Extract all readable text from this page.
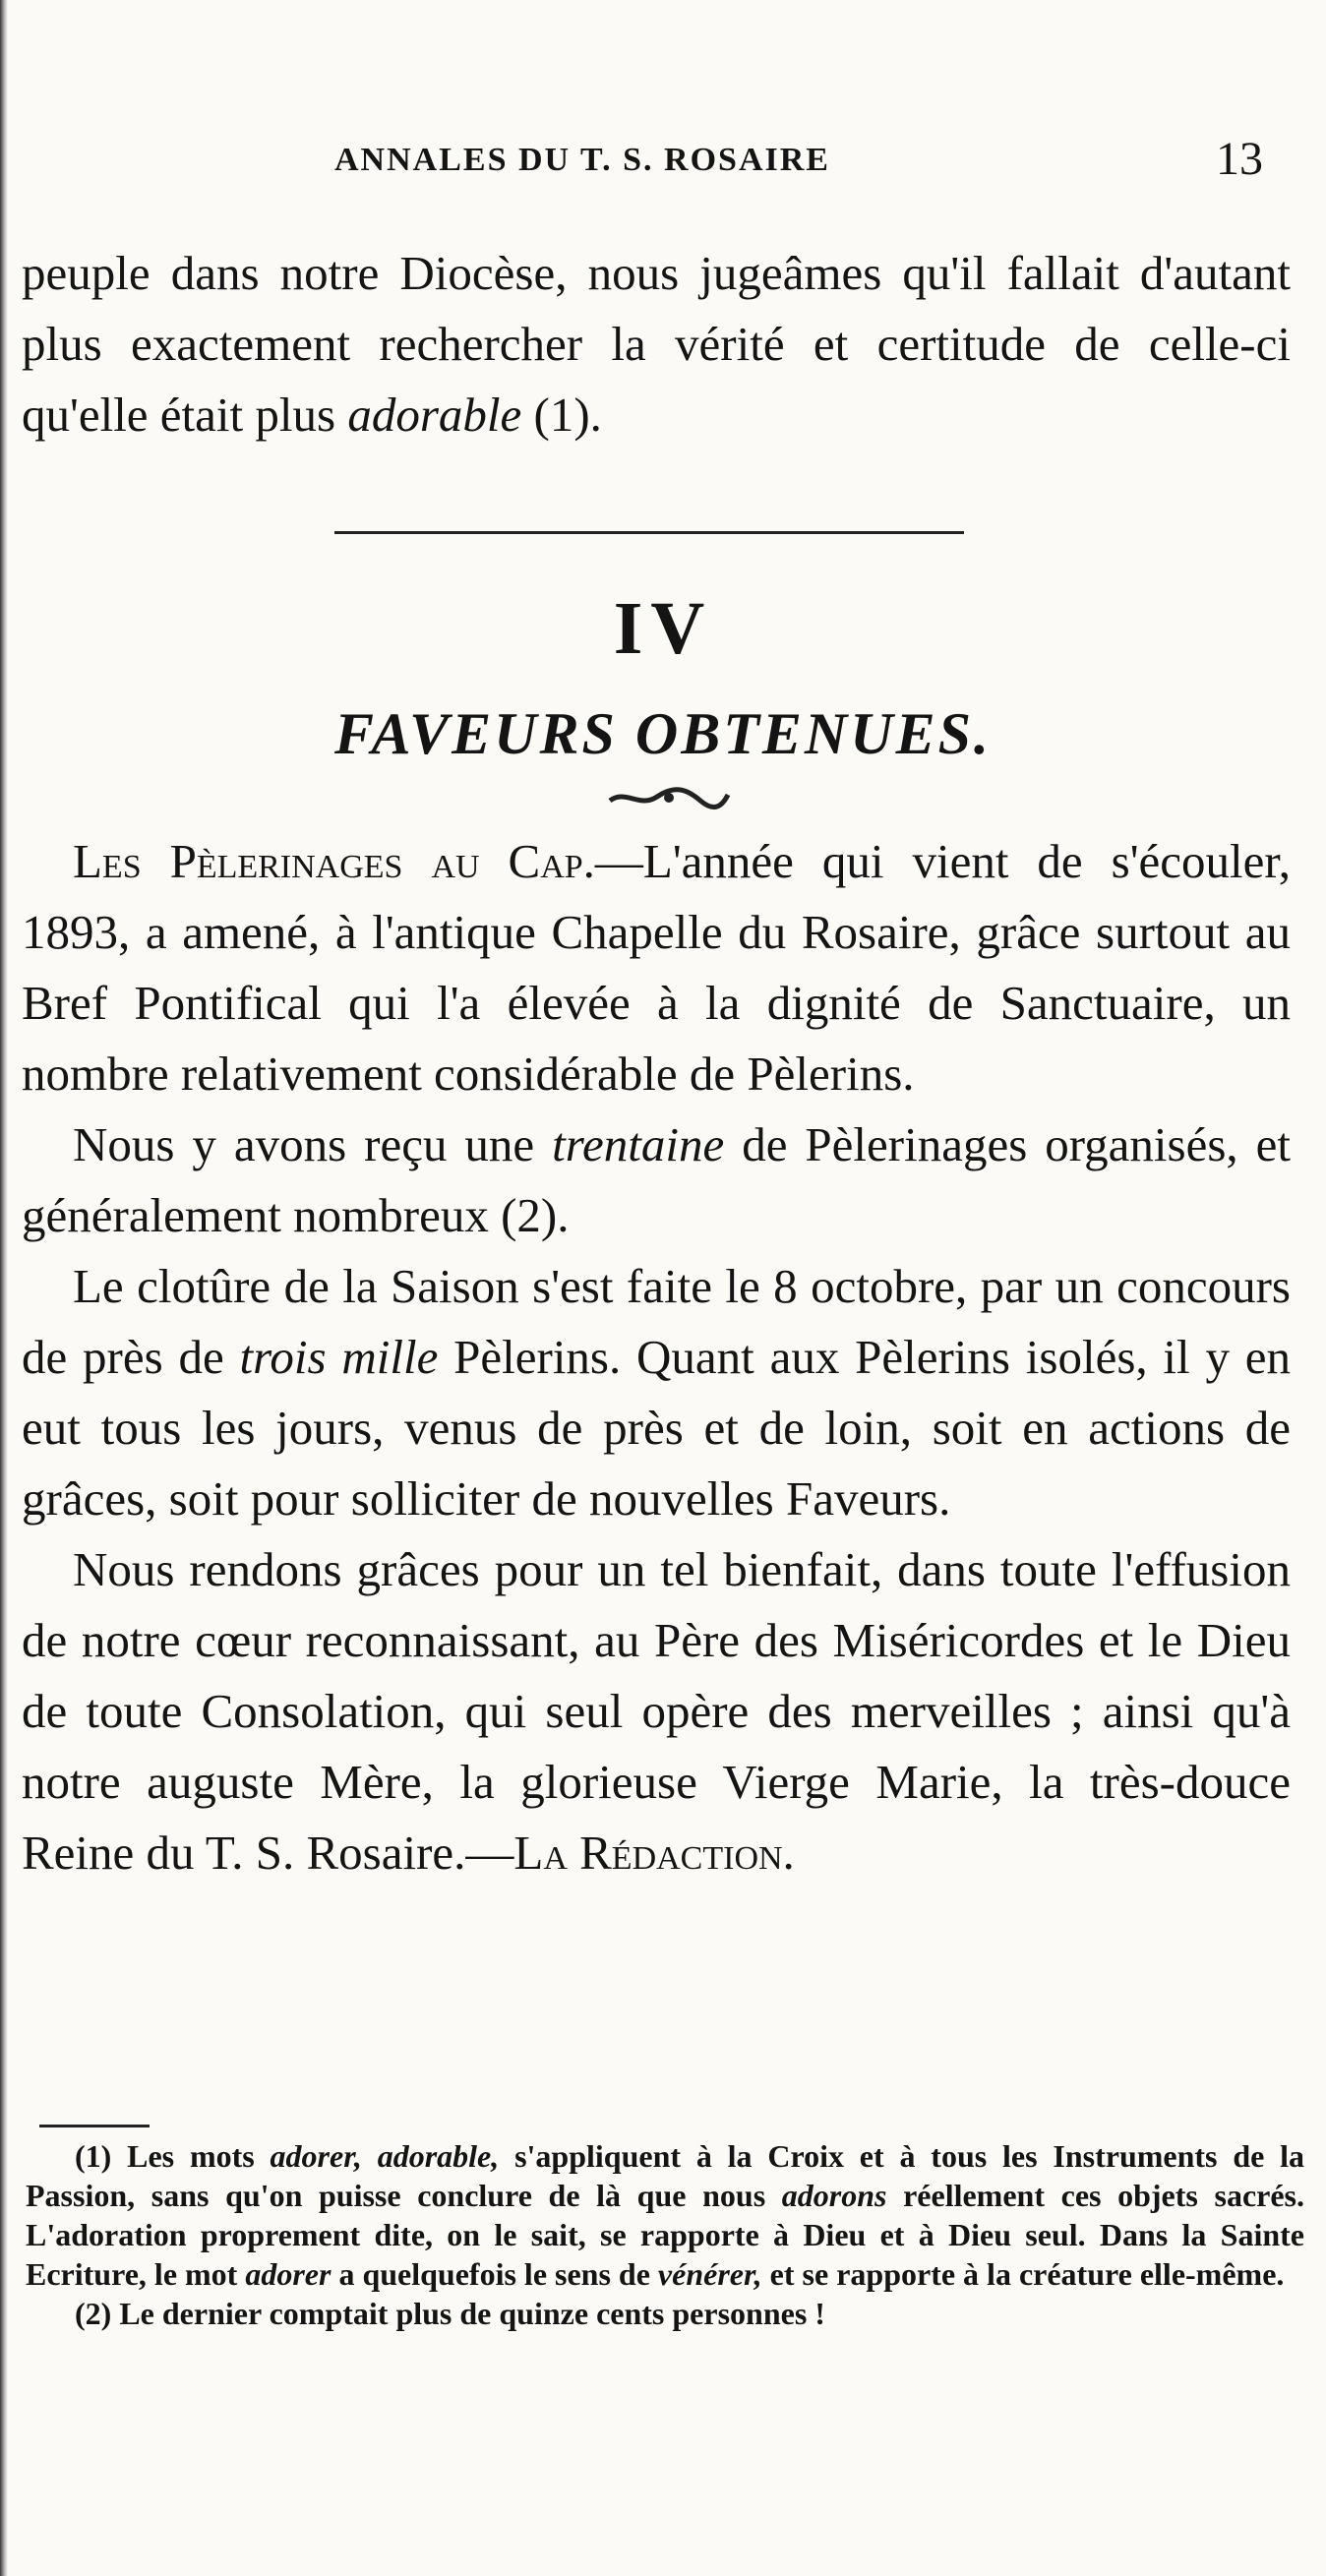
ANNALES DU T. S. ROSAIRE	13

peuple dans notre Diocèse, nous jugeâmes qu'il fallait d'autant plus exactement rechercher la vérité et certitude de celle-ci qu'elle était plus adorable (1).

IV
FAVEURS OBTENUES.

Les Pèlerinages au Cap.—L'année qui vient de s'écouler, 1893, a amené, à l'antique Chapelle du Rosaire, grâce surtout au Bref Pontifical qui l'a élevée à la dignité de Sanctuaire, un nombre relativement considérable de Pèlerins.

Nous y avons reçu une trentaine de Pèlerinages organisés, et généralement nombreux (2).

Le clotûre de la Saison s'est faite le 8 octobre, par un concours de près de trois mille Pèlerins. Quant aux Pèlerins isolés, il y en eut tous les jours, venus de près et de loin, soit en actions de grâces, soit pour solliciter de nouvelles Faveurs.

Nous rendons grâces pour un tel bienfait, dans toute l'effusion de notre cœur reconnaissant, au Père des Miséricordes et le Dieu de toute Consolation, qui seul opère des merveilles ; ainsi qu'à notre auguste Mère, la glorieuse Vierge Marie, la très-douce Reine du T. S. Rosaire.—La Rédaction.

(1) Les mots adorer, adorable, s'appliquent à la Croix et à tous les Instruments de la Passion, sans qu'on puisse conclure de là que nous adorons réellement ces objets sacrés. L'adoration proprement dite, on le sait, se rapporte à Dieu et à Dieu seul. Dans la Sainte Ecriture, le mot adorer a quelquefois le sens de vénérer, et se rapporte à la créature elle-même.

(2) Le dernier comptait plus de quinze cents personnes !
